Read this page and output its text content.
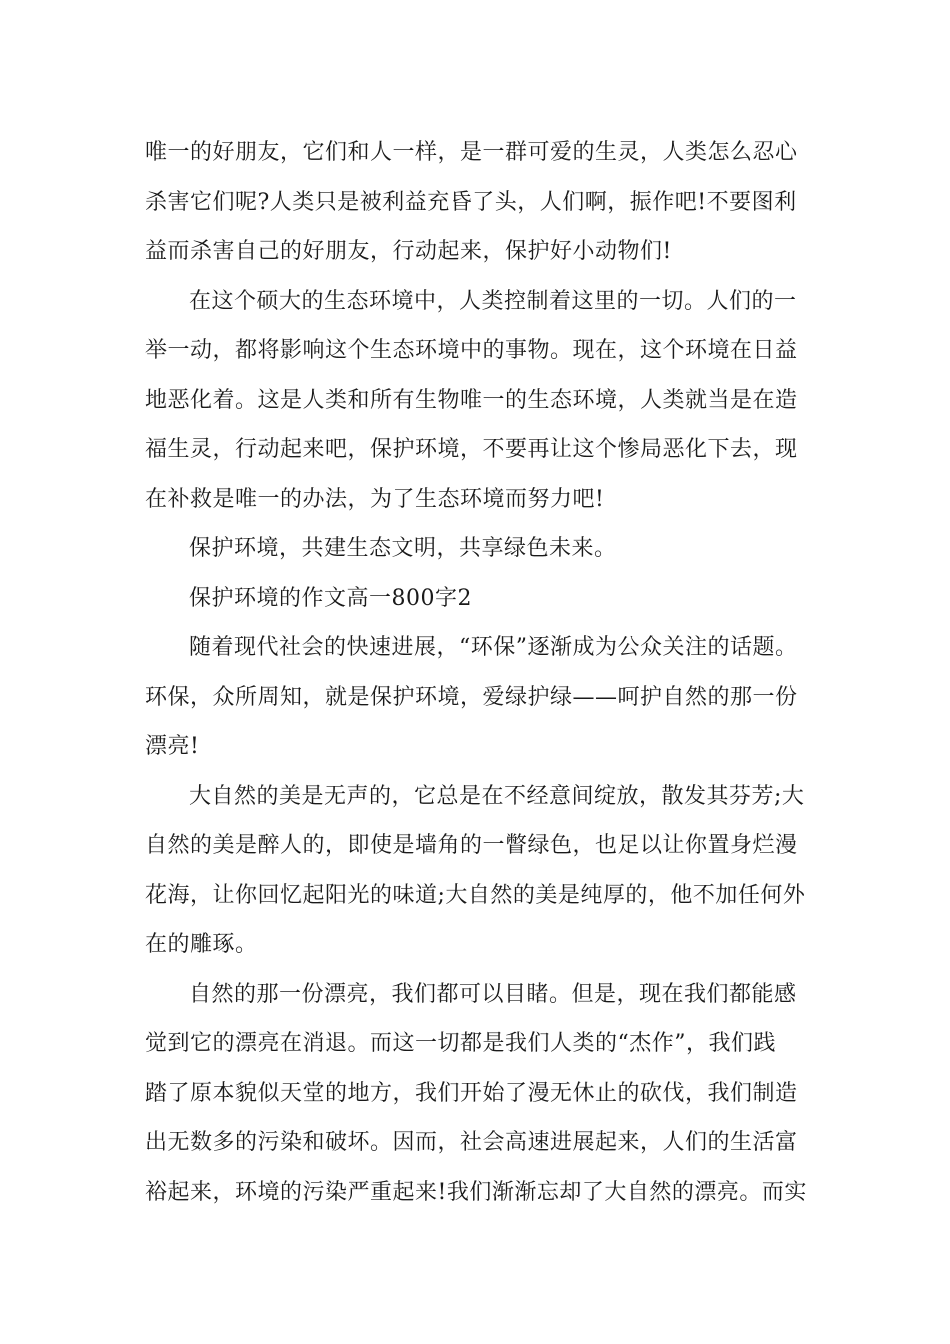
唯一的好朋友，它们和人一样，是一群可爱的生灵，人类怎么忍心
杀害它们呢?人类只是被利益充昏了头，人们啊，振作吧!不要图利
益而杀害自己的好朋友，行动起来，保护好小动物们!
在这个硕大的生态环境中，人类控制着这里的一切。人们的一
举一动，都将影响这个生态环境中的事物。现在，这个环境在日益
地恶化着。这是人类和所有生物唯一的生态环境，人类就当是在造
福生灵，行动起来吧，保护环境，不要再让这个惨局恶化下去，现
在补救是唯一的办法，为了生态环境而努力吧!
保护环境，共建生态文明，共享绿色未来。
保护环境的作文高一800字2
随着现代社会的快速进展，“环保”逐渐成为公众关注的话题。
环保，众所周知，就是保护环境，爱绿护绿——呵护自然的那一份
漂亮!
大自然的美是无声的，它总是在不经意间绽放，散发其芬芳;大
自然的美是醉人的，即使是墙角的一瞥绿色，也足以让你置身烂漫
花海，让你回忆起阳光的味道;大自然的美是纯厚的，他不加任何外
在的雕琢。
自然的那一份漂亮，我们都可以目睹。但是，现在我们都能感
觉到它的漂亮在消退。而这一切都是我们人类的“杰作”，我们践
踏了原本貌似天堂的地方，我们开始了漫无休止的砍伐，我们制造
出无数多的污染和破坏。因而，社会高速进展起来，人们的生活富
裕起来，环境的污染严重起来!我们渐渐忘却了大自然的漂亮。而实
